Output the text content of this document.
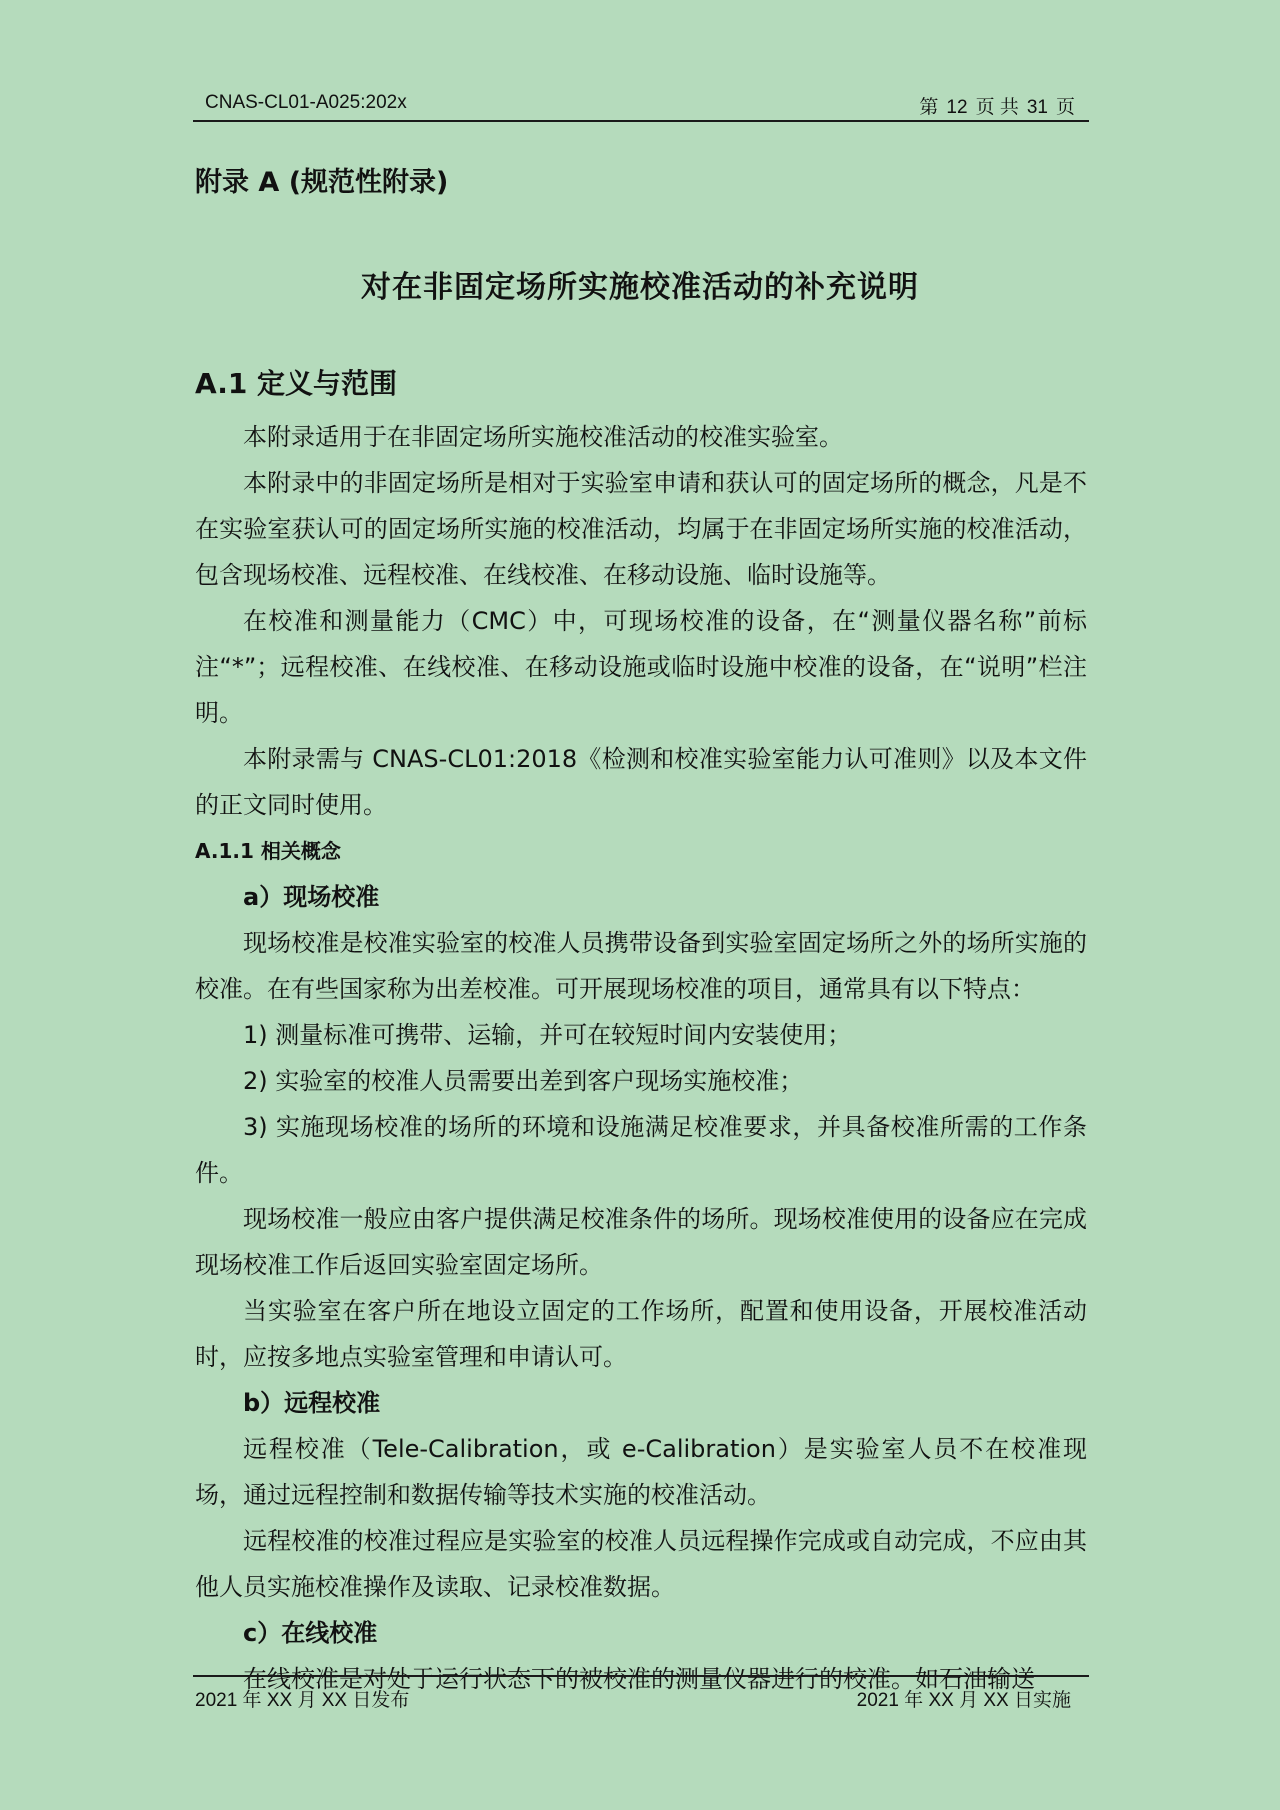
CNAS-CL01-A025:202x	第 12 页 共 31 页
附录 A (规范性附录)
对在非固定场所实施校准活动的补充说明
A.1 定义与范围

本附录适用于在非固定场所实施校准活动的校准实验室。

本附录中的非固定场所是相对于实验室申请和获认可的固定场所的概念，凡是不在实验室获认可的固定场所实施的校准活动，均属于在非固定场所实施的校准活动，包含现场校准、远程校准、在线校准、在移动设施、临时设施等。

在校准和测量能力（CMC）中，可现场校准的设备，在“测量仪器名称”前标注“*”；远程校准、在线校准、在移动设施或临时设施中校准的设备，在“说明”栏注明。

本附录需与 CNAS-CL01:2018《检测和校准实验室能力认可准则》以及本文件的正文同时使用。

A.1.1 相关概念

a）现场校准

现场校准是校准实验室的校准人员携带设备到实验室固定场所之外的场所实施的校准。在有些国家称为出差校准。可开展现场校准的项目，通常具有以下特点：

1) 测量标准可携带、运输，并可在较短时间内安装使用；

2) 实验室的校准人员需要出差到客户现场实施校准；

3) 实施现场校准的场所的环境和设施满足校准要求，并具备校准所需的工作条件。

现场校准一般应由客户提供满足校准条件的场所。现场校准使用的设备应在完成现场校准工作后返回实验室固定场所。

当实验室在客户所在地设立固定的工作场所，配置和使用设备，开展校准活动时，应按多地点实验室管理和申请认可。

b）远程校准

远程校准（Tele-Calibration，或 e-Calibration）是实验室人员不在校准现场，通过远程控制和数据传输等技术实施的校准活动。

远程校准的校准过程应是实验室的校准人员远程操作完成或自动完成，不应由其他人员实施校准操作及读取、记录校准数据。

c）在线校准

在线校准是对处于运行状态下的被校准的测量仪器进行的校准。如石油输送

2021 年 XX 月 XX 日发布	2021 年 XX 月 XX 日实施
